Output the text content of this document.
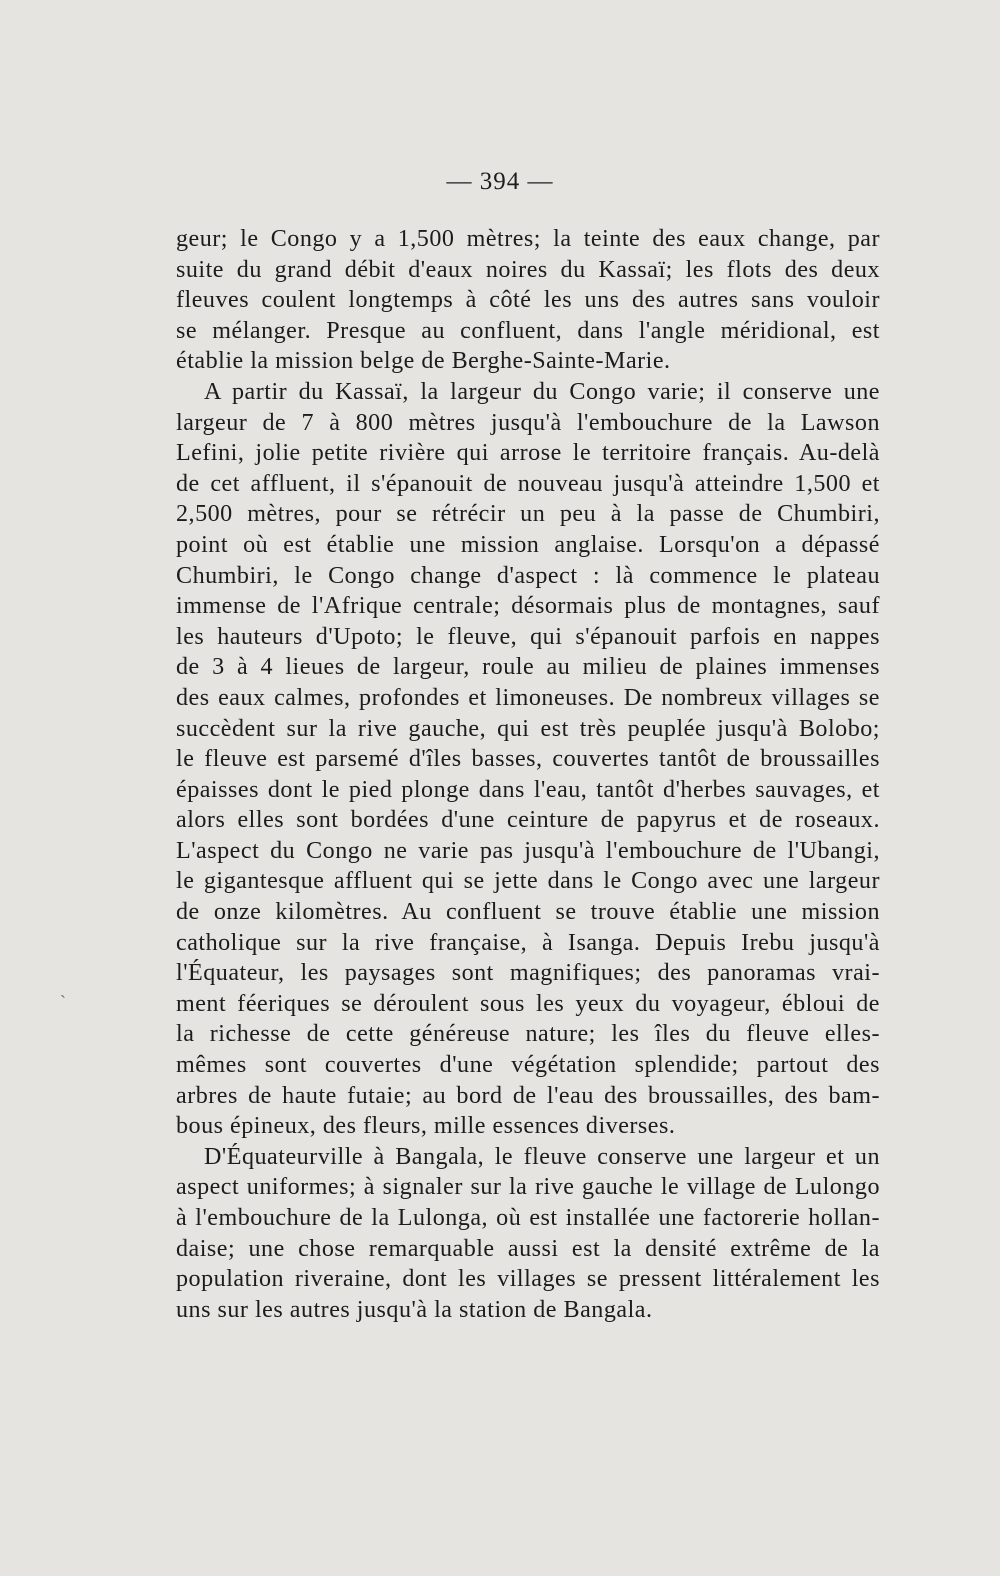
— 394 —
ˏ
geur; le Congo y a 1,500 mètres; la teinte des eaux change, par
suite du grand débit d'eaux noires du Kassaï; les flots des deux
fleuves coulent longtemps à côté les uns des autres sans vouloir
se mélanger. Presque au confluent, dans l'angle méridional, est
établie la mission belge de Berghe-Sainte-Marie.
A partir du Kassaï, la largeur du Congo varie; il conserve une
largeur de 7 à 800 mètres jusqu'à l'embouchure de la Lawson
Lefini, jolie petite rivière qui arrose le territoire français. Au-delà
de cet affluent, il s'épanouit de nouveau jusqu'à atteindre 1,500 et
2,500 mètres, pour se rétrécir un peu à la passe de Chumbiri,
point où est établie une mission anglaise. Lorsqu'on a dépassé
Chumbiri, le Congo change d'aspect : là commence le plateau
immense de l'Afrique centrale; désormais plus de montagnes, sauf
les hauteurs d'Upoto; le fleuve, qui s'épanouit parfois en nappes
de 3 à 4 lieues de largeur, roule au milieu de plaines immenses
des eaux calmes, profondes et limoneuses. De nombreux villages se
succèdent sur la rive gauche, qui est très peuplée jusqu'à Bolobo;
le fleuve est parsemé d'îles basses, couvertes tantôt de broussailles
épaisses dont le pied plonge dans l'eau, tantôt d'herbes sauvages, et
alors elles sont bordées d'une ceinture de papyrus et de roseaux.
L'aspect du Congo ne varie pas jusqu'à l'embouchure de l'Ubangi,
le gigantesque affluent qui se jette dans le Congo avec une largeur
de onze kilomètres. Au confluent se trouve établie une mission
catholique sur la rive française, à Isanga. Depuis Irebu jusqu'à
l'Équateur, les paysages sont magnifiques; des panoramas vrai-
ment féeriques se déroulent sous les yeux du voyageur, ébloui de
la richesse de cette généreuse nature; les îles du fleuve elles-
mêmes sont couvertes d'une végétation splendide; partout des
arbres de haute futaie; au bord de l'eau des broussailles, des bam-
bous épineux, des fleurs, mille essences diverses.
D'Équateurville à Bangala, le fleuve conserve une largeur et un
aspect uniformes; à signaler sur la rive gauche le village de Lulongo
à l'embouchure de la Lulonga, où est installée une factorerie hollan-
daise; une chose remarquable aussi est la densité extrême de la
population riveraine, dont les villages se pressent littéralement les
uns sur les autres jusqu'à la station de Bangala.
